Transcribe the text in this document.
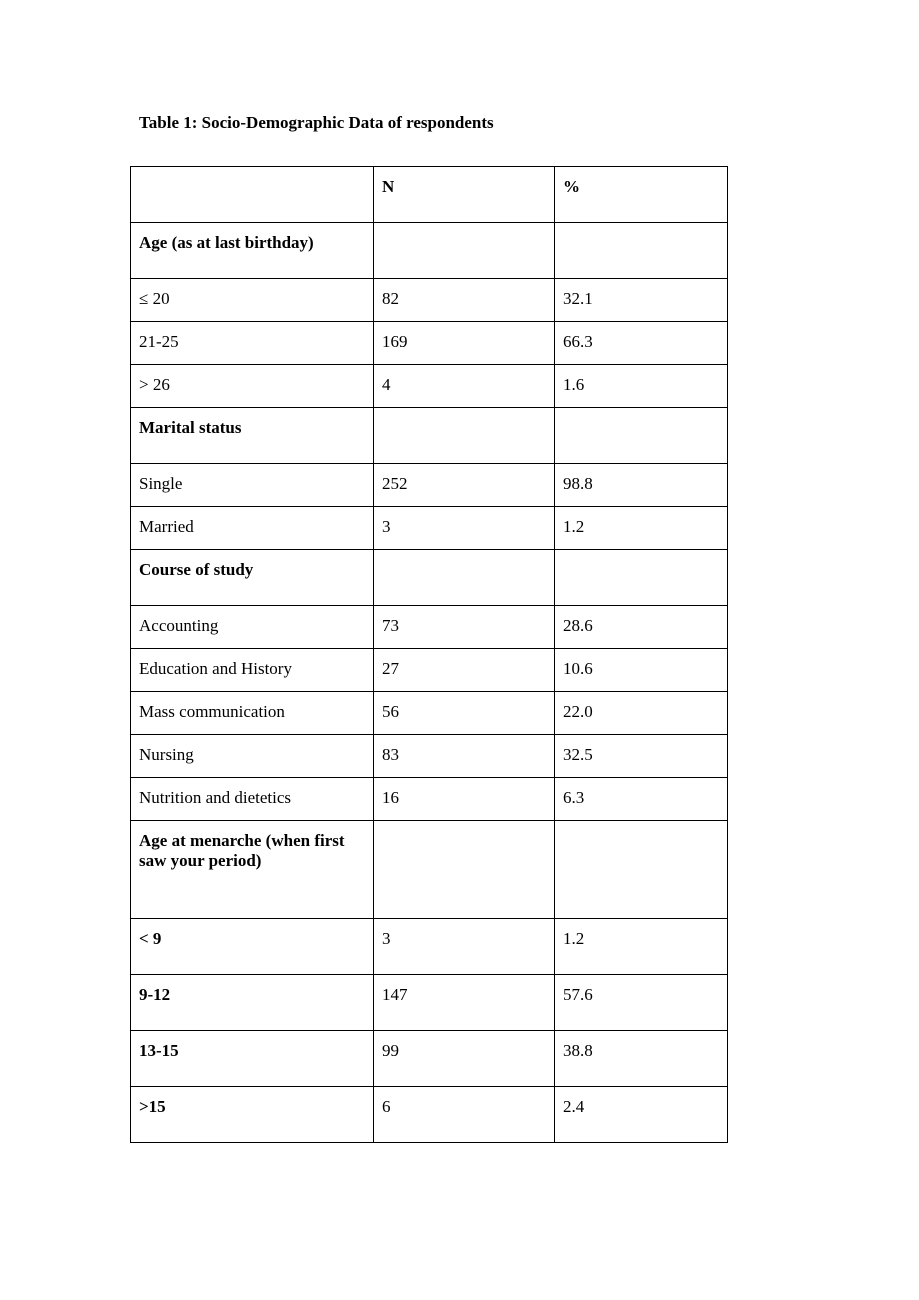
Table 1: Socio-Demographic Data of respondents
	N	%
Age (as at last birthday)		
≤ 20	82	32.1
21-25	169	66.3
> 26	4	1.6
Marital status		
Single	252	98.8
Married	3	1.2
Course of study		
Accounting	73	28.6
Education and History	27	10.6
Mass communication	56	22.0
Nursing	83	32.5
Nutrition and dietetics	16	6.3
Age at menarche (when first saw your period)		
< 9	3	1.2
9-12	147	57.6
13-15	99	38.8
>15	6	2.4
